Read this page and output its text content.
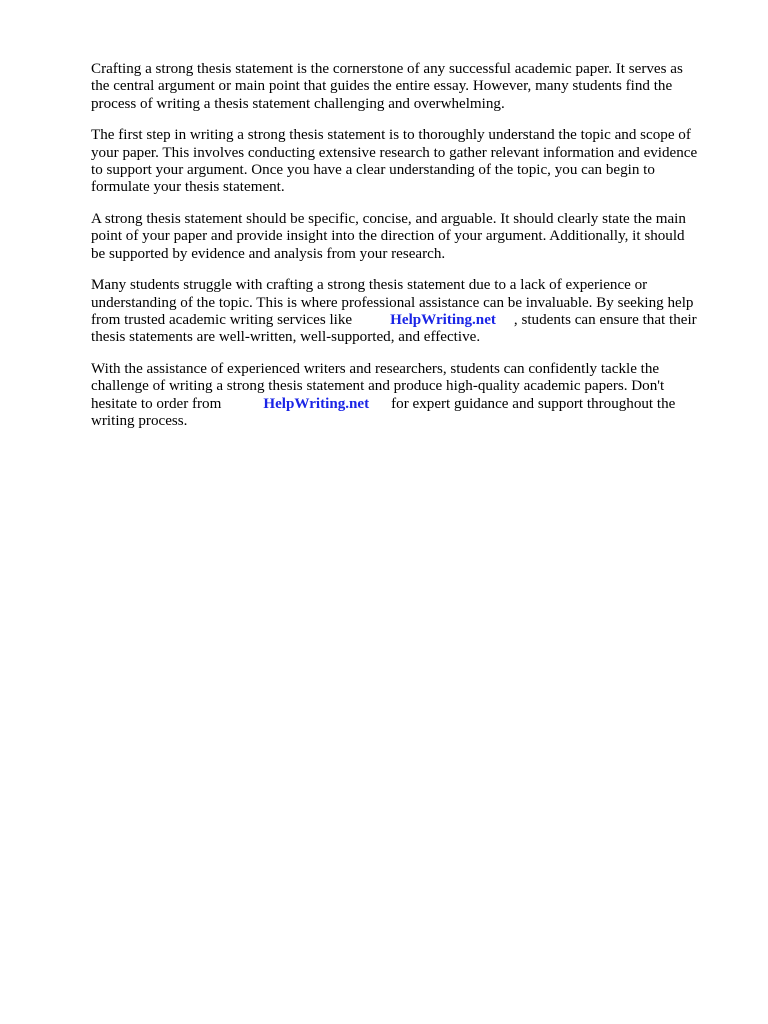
Crafting a strong thesis statement is the cornerstone of any successful academic paper. It serves as
the central argument or main point that guides the entire essay. However, many students find the
process of writing a thesis statement challenging and overwhelming.

The first step in writing a strong thesis statement is to thoroughly understand the topic and scope of
your paper. This involves conducting extensive research to gather relevant information and evidence
to support your argument. Once you have a clear understanding of the topic, you can begin to
formulate your thesis statement.

A strong thesis statement should be specific, concise, and arguable. It should clearly state the main
point of your paper and provide insight into the direction of your argument. Additionally, it should
be supported by evidence and analysis from your research.

Many students struggle with crafting a strong thesis statement due to a lack of experience or
understanding of the topic. This is where professional assistance can be invaluable. By seeking help
from trusted academic writing services like	HelpWriting.net , students can ensure that their
thesis statements are well-written, well-supported, and effective.

With the assistance of experienced writers and researchers, students can confidently tackle the
challenge of writing a strong thesis statement and produce high-quality academic papers. Don't
hesitate to order from	HelpWriting.net for expert guidance and support throughout the
writing process.
